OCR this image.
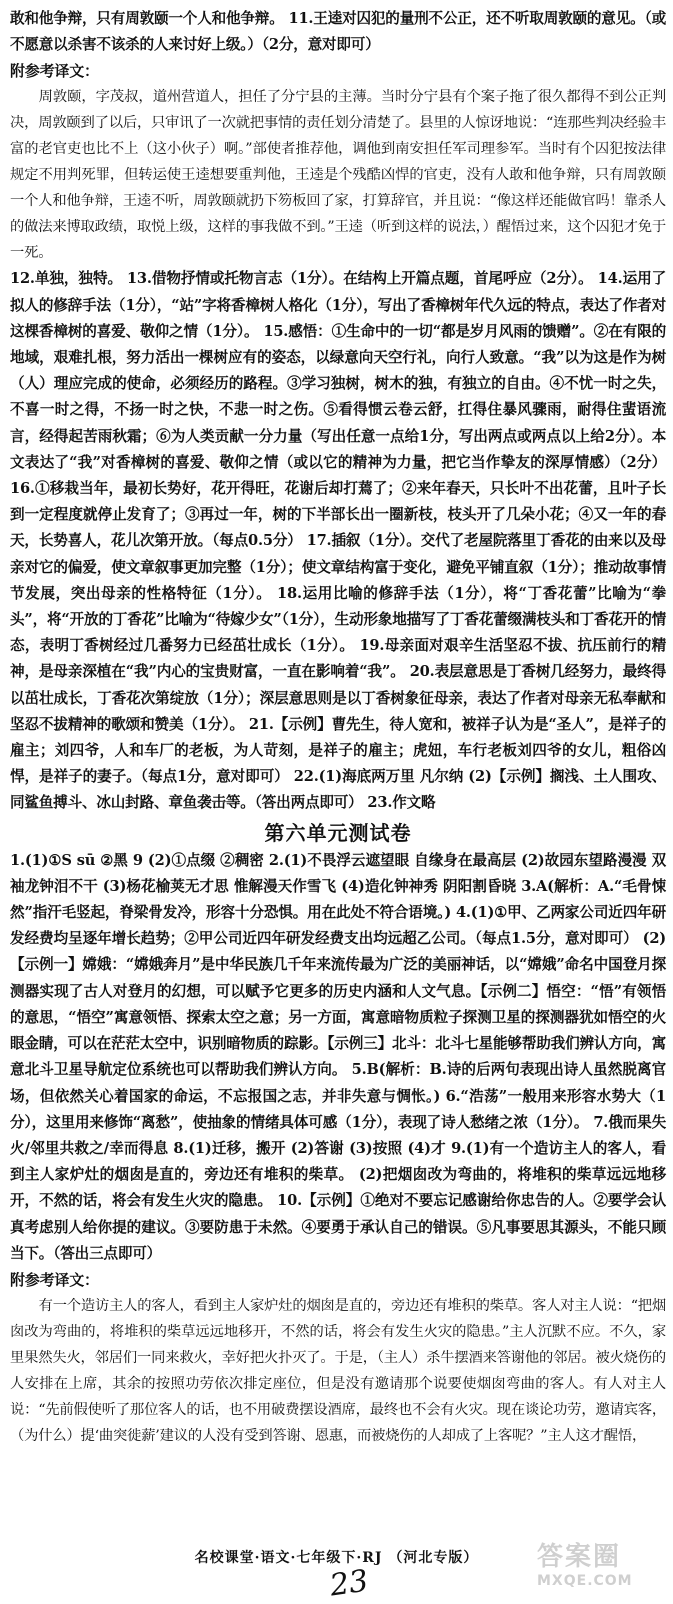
敢和他争辩，只有周敦颐一个人和他争辩。 11.王逵对囚犯的量刑不公正，还不听取周敦颐的意见。（或不愿意以杀害不该杀的人来讨好上级。）（2分，意对即可）

附参考译文：

周敦颐，字茂叔，道州营道人，担任了分宁县的主薄。当时分宁县有个案子拖了很久都得不到公正判决，周敦颐到了以后，只审讯了一次就把事情的责任划分清楚了。县里的人惊讶地说：“连那些判决经验丰富的老官吏也比不上（这小伙子）啊。”部使者推荐他，调他到南安担任军司理参军。当时有个囚犯按法律规定不用判死罪，但转运使王逵想要重判他，王逵是个残酷凶悍的官吏，没有人敢和他争辩，只有周敦颐一个人和他争辩，王逵不听，周敦颐就扔下笏板回了家，打算辞官，并且说：“像这样还能做官吗！靠杀人的做法来博取政绩，取悦上级，这样的事我做不到。”王逵（听到这样的说法，）醒悟过来，这个囚犯才免于一死。

12.单独，独特。 13.借物抒情或托物言志（1分）。在结构上开篇点题，首尾呼应（2分）。 14.运用了拟人的修辞手法（1分），“站”字将香樟树人格化（1分），写出了香樟树年代久远的特点，表达了作者对这棵香樟树的喜爱、敬仰之情（1分）。 15.感悟：①生命中的一切“都是岁月风雨的馈赠”。②在有限的地域，艰难扎根，努力活出一棵树应有的姿态，以绿意向天空行礼，向行人致意。“我”以为这是作为树（人）理应完成的使命，必须经历的路程。③学习独树，树木的独，有独立的自由。④不忧一时之失，不喜一时之得，不扬一时之快，不悲一时之伤。⑤看得惯云卷云舒，扛得住暴风骤雨，耐得住蜚语流言，经得起苦雨秋霜；⑥为人类贡献一分力量（写出任意一点给1分，写出两点或两点以上给2分）。本文表达了“我”对香樟树的喜爱、敬仰之情（或以它的精神为力量，把它当作挚友的深厚情感）（2分） 16.①移栽当年，最初长势好，花开得旺，花谢后却打蔫了；②来年春天，只长叶不出花蕾，且叶子长到一定程度就停止发育了；③再过一年，树的下半部长出一圈新枝，枝头开了几朵小花；④又一年的春天，长势喜人，花儿次第开放。（每点0.5分） 17.插叙（1分）。交代了老屋院落里丁香花的由来以及母亲对它的偏爱，使文章叙事更加完整（1分）；使文章结构富于变化，避免平铺直叙（1分）；推动故事情节发展，突出母亲的性格特征（1分）。 18.运用比喻的修辞手法（1分），将“丁香花蕾”比喻为“拳头”，将“开放的丁香花”比喻为“待嫁少女”（1分），生动形象地描写了丁香花蕾缀满枝头和丁香花开的情态，表明丁香树经过几番努力已经茁壮成长（1分）。 19.母亲面对艰辛生活坚忍不拔、抗压前行的精神，是母亲深植在“我”内心的宝贵财富，一直在影响着“我”。 20.表层意思是丁香树几经努力，最终得以茁壮成长，丁香花次第绽放（1分）；深层意思则是以丁香树象征母亲，表达了作者对母亲无私奉献和坚忍不拔精神的歌颂和赞美（1分）。 21.【示例】曹先生，待人宽和，被祥子认为是“圣人”，是祥子的雇主；刘四爷，人和车厂的老板，为人苛刻，是祥子的雇主；虎妞，车行老板刘四爷的女儿，粗俗凶悍，是祥子的妻子。（每点1分，意对即可） 22.(1)海底两万里 凡尔纳 (2)【示例】搁浅、土人围攻、同鲨鱼搏斗、冰山封路、章鱼袭击等。（答出两点即可） 23.作文略

第六单元测试卷

1.(1)①S sū ②黑 9 (2)①点缀 ②稠密 2.(1)不畏浮云遮望眼 自缘身在最高层 (2)故园东望路漫漫 双袖龙钟泪不干 (3)杨花榆荚无才思 惟解漫天作雪飞 (4)造化钟神秀 阴阳割昏晓 3.A(解析：A.“毛骨悚然”指汗毛竖起，脊梁骨发冷，形容十分恐惧。用在此处不符合语境。) 4.(1)①甲、乙两家公司近四年研发经费均呈逐年增长趋势；②甲公司近四年研发经费支出均远超乙公司。（每点1.5分，意对即可） (2)【示例一】嫦娥：“嫦娥奔月”是中华民族几千年来流传最为广泛的美丽神话，以“嫦娥”命名中国登月探测器实现了古人对登月的幻想，可以赋予它更多的历史内涵和人文气息。【示例二】悟空：“悟”有领悟的意思，“悟空”寓意领悟、探索太空之意；另一方面，寓意暗物质粒子探测卫星的探测器犹如悟空的火眼金睛，可以在茫茫太空中，识别暗物质的踪影。【示例三】北斗：北斗七星能够帮助我们辨认方向，寓意北斗卫星导航定位系统也可以帮助我们辨认方向。 5.B(解析：B.诗的后两句表现出诗人虽然脱离官场，但依然关心着国家的命运，不忘报国之志，并非失意与惆怅。) 6.“浩荡”一般用来形容水势大（1分），这里用来修饰“离愁”，使抽象的情绪具体可感（1分），表现了诗人愁绪之浓（1分）。 7.俄而果失火/邻里共救之/幸而得息 8.(1)迁移，搬开 (2)答谢 (3)按照 (4)才 9.(1)有一个造访主人的客人，看到主人家炉灶的烟囱是直的，旁边还有堆积的柴草。 (2)把烟囱改为弯曲的，将堆积的柴草远远地移开，不然的话，将会有发生火灾的隐患。 10.【示例】①绝对不要忘记感谢给你忠告的人。②要学会认真考虑别人给你提的建议。③要防患于未然。④要勇于承认自己的错误。⑤凡事要思其源头，不能只顾当下。（答出三点即可）

附参考译文：

有一个造访主人的客人，看到主人家炉灶的烟囱是直的，旁边还有堆积的柴草。客人对主人说：“把烟囱改为弯曲的，将堆积的柴草远远地移开，不然的话，将会有发生火灾的隐患。”主人沉默不应。不久，家里果然失火，邻居们一同来救火，幸好把火扑灭了。于是，（主人）杀牛摆酒来答谢他的邻居。被火烧伤的人安排在上席，其余的按照功劳依次排定座位，但是没有邀请那个说要使烟囱弯曲的客人。有人对主人说：“先前假使听了那位客人的话，也不用破费摆设酒席，最终也不会有火灾。现在谈论功劳，邀请宾客，（为什么）提‘曲突徙薪’建议的人没有受到答谢、恩惠，而被烧伤的人却成了上客呢？”主人这才醒悟，

名校课堂·语文·七年级下·RJ （河北专版）
23
答案圈
MXQE.COM
